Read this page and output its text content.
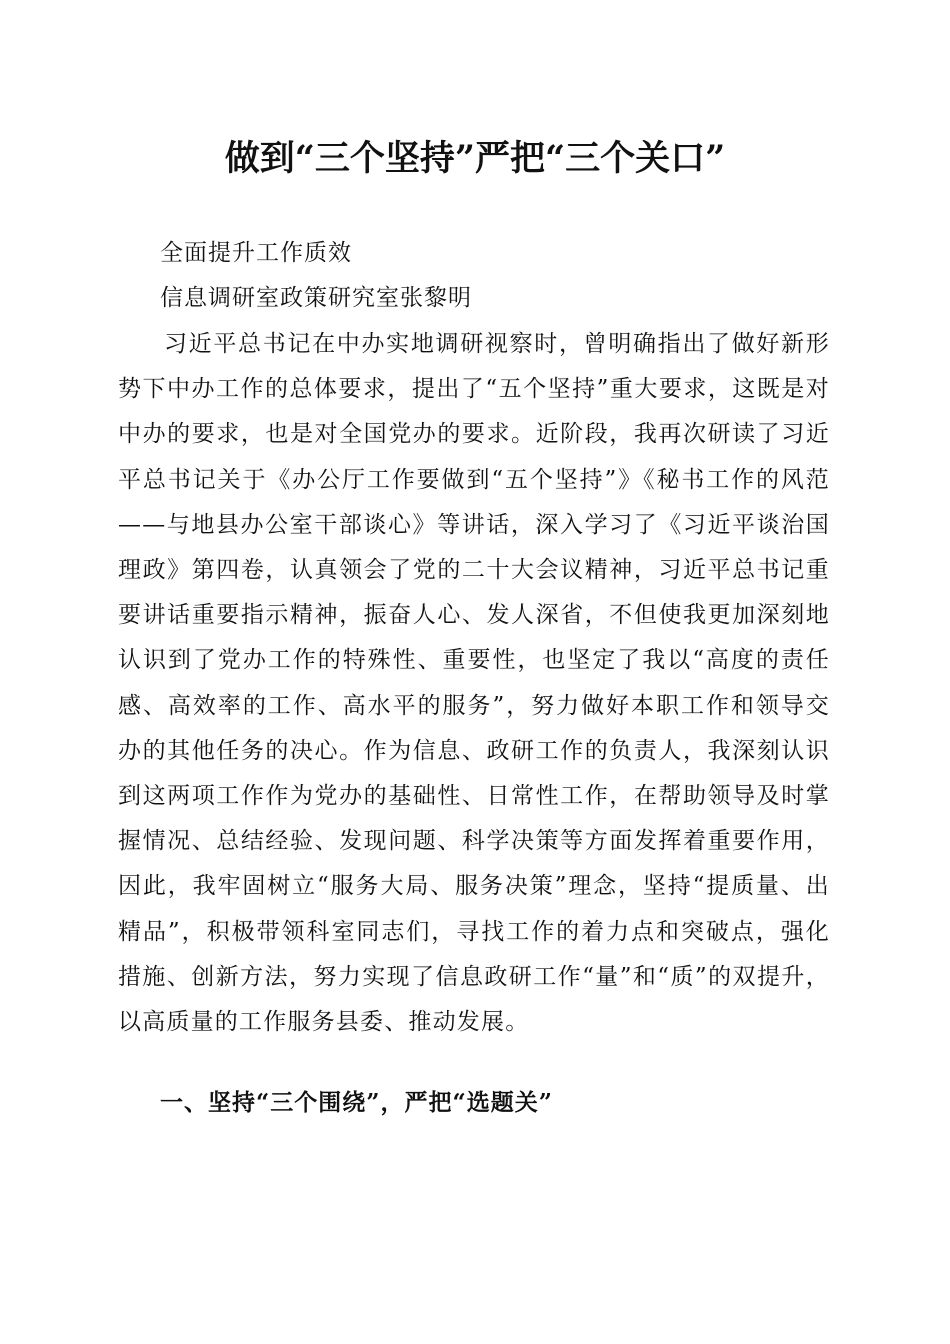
做到“三个坚持”严把“三个关口”

全面提升工作质效

信息调研室政策研究室张黎明

习近平总书记在中办实地调研视察时，曾明确指出了做好新形势下中办工作的总体要求，提出了“五个坚持”重大要求，这既是对中办的要求，也是对全国党办的要求。近阶段，我再次研读了习近平总书记关于《办公厅工作要做到“五个坚持”》《秘书工作的风范——与地县办公室干部谈心》等讲话，深入学习了《习近平谈治国理政》第四卷，认真领会了党的二十大会议精神，习近平总书记重要讲话重要指示精神，振奋人心、发人深省，不但使我更加深刻地认识到了党办工作的特殊性、重要性，也坚定了我以“高度的责任感、高效率的工作、高水平的服务”，努力做好本职工作和领导交办的其他任务的决心。作为信息、政研工作的负责人，我深刻认识到这两项工作作为党办的基础性、日常性工作，在帮助领导及时掌握情况、总结经验、发现问题、科学决策等方面发挥着重要作用，因此，我牢固树立“服务大局、服务决策”理念，坚持“提质量、出精品”，积极带领科室同志们，寻找工作的着力点和突破点，强化措施、创新方法，努力实现了信息政研工作“量”和“质”的双提升，以高质量的工作服务县委、推动发展。

一、坚持“三个围绕”，严把“选题关”
